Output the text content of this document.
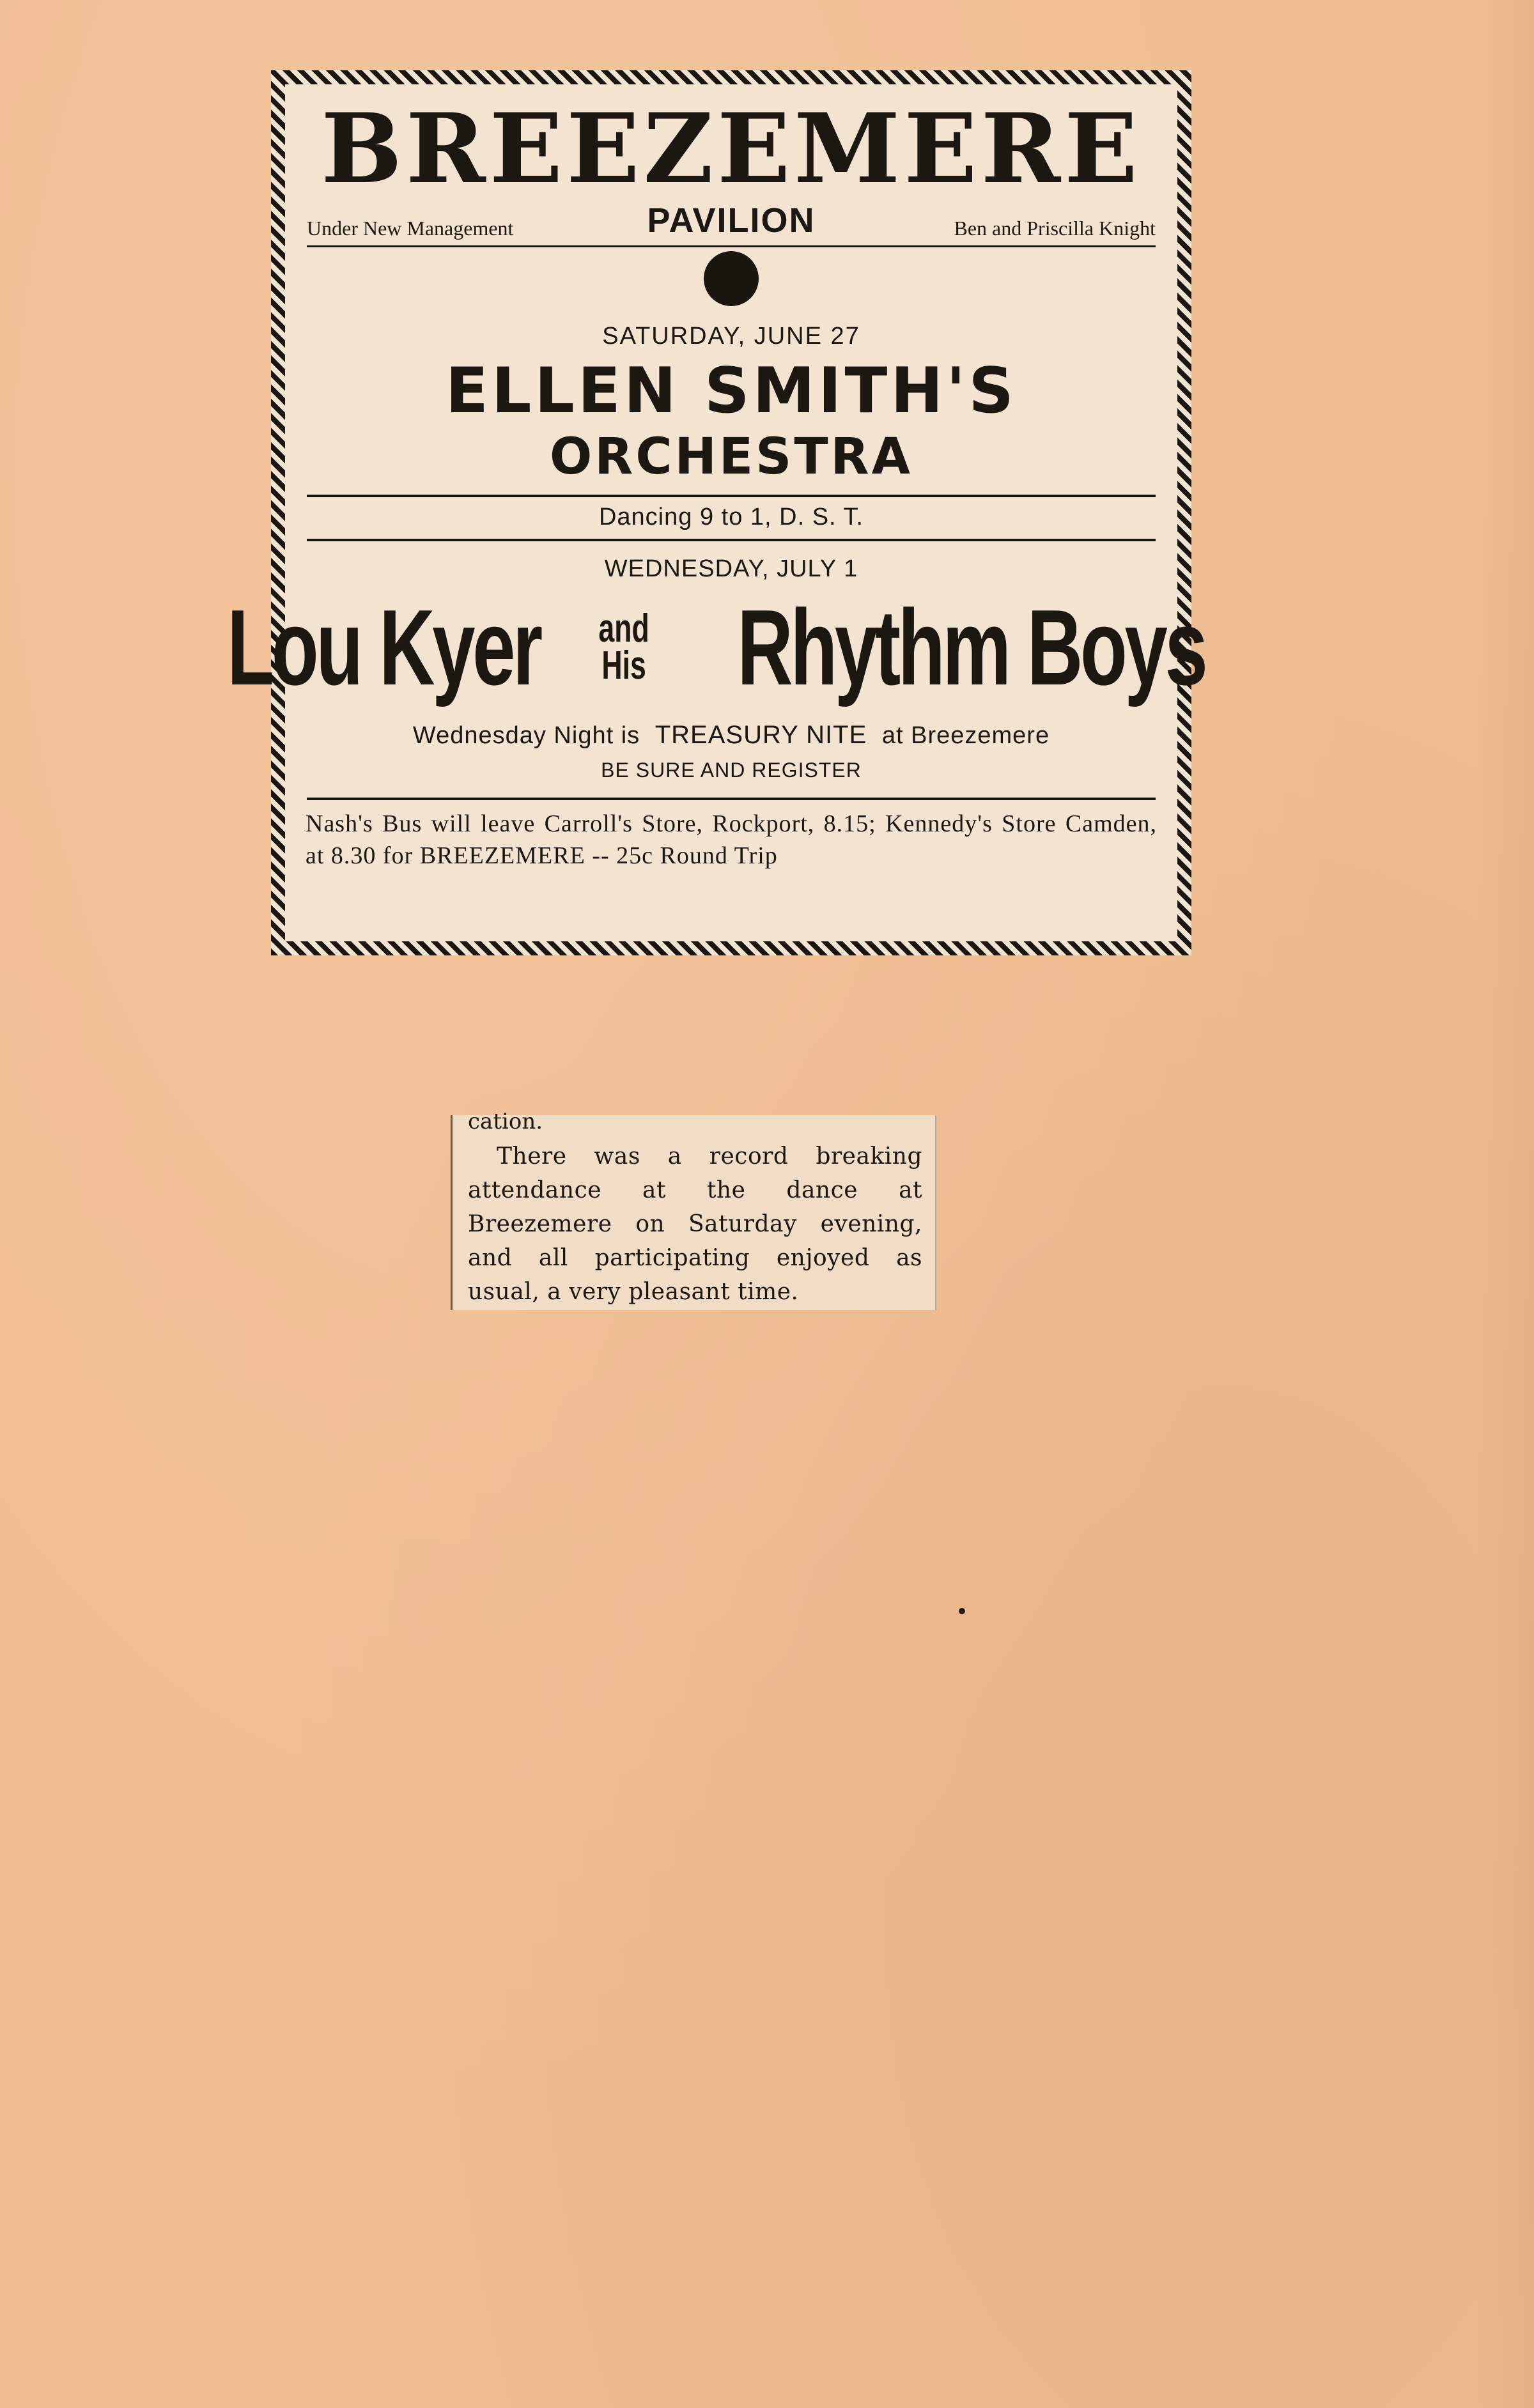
BREEZEMERE
Under New Management	PAVILION	Ben and Priscilla Knight
SATURDAY, JUNE 27
ELLEN SMITH'S
ORCHESTRA
Dancing 9 to 1, D. S. T.
WEDNESDAY, JULY 1
Lou Kyer and
His Rhythm Boys
Wednesday Night is TREASURY NITE at Breezemere
BE SURE AND REGISTER
Nash's Bus will leave Carroll's Store, Rockport, 8.15; Kennedy's Store Camden, at 8.30 for BREEZEMERE -- 25c Round Trip
cation.
There was a record breaking attendance at the dance at Breezemere on Saturday evening, and all participating enjoyed as usual, a very pleasant time.
